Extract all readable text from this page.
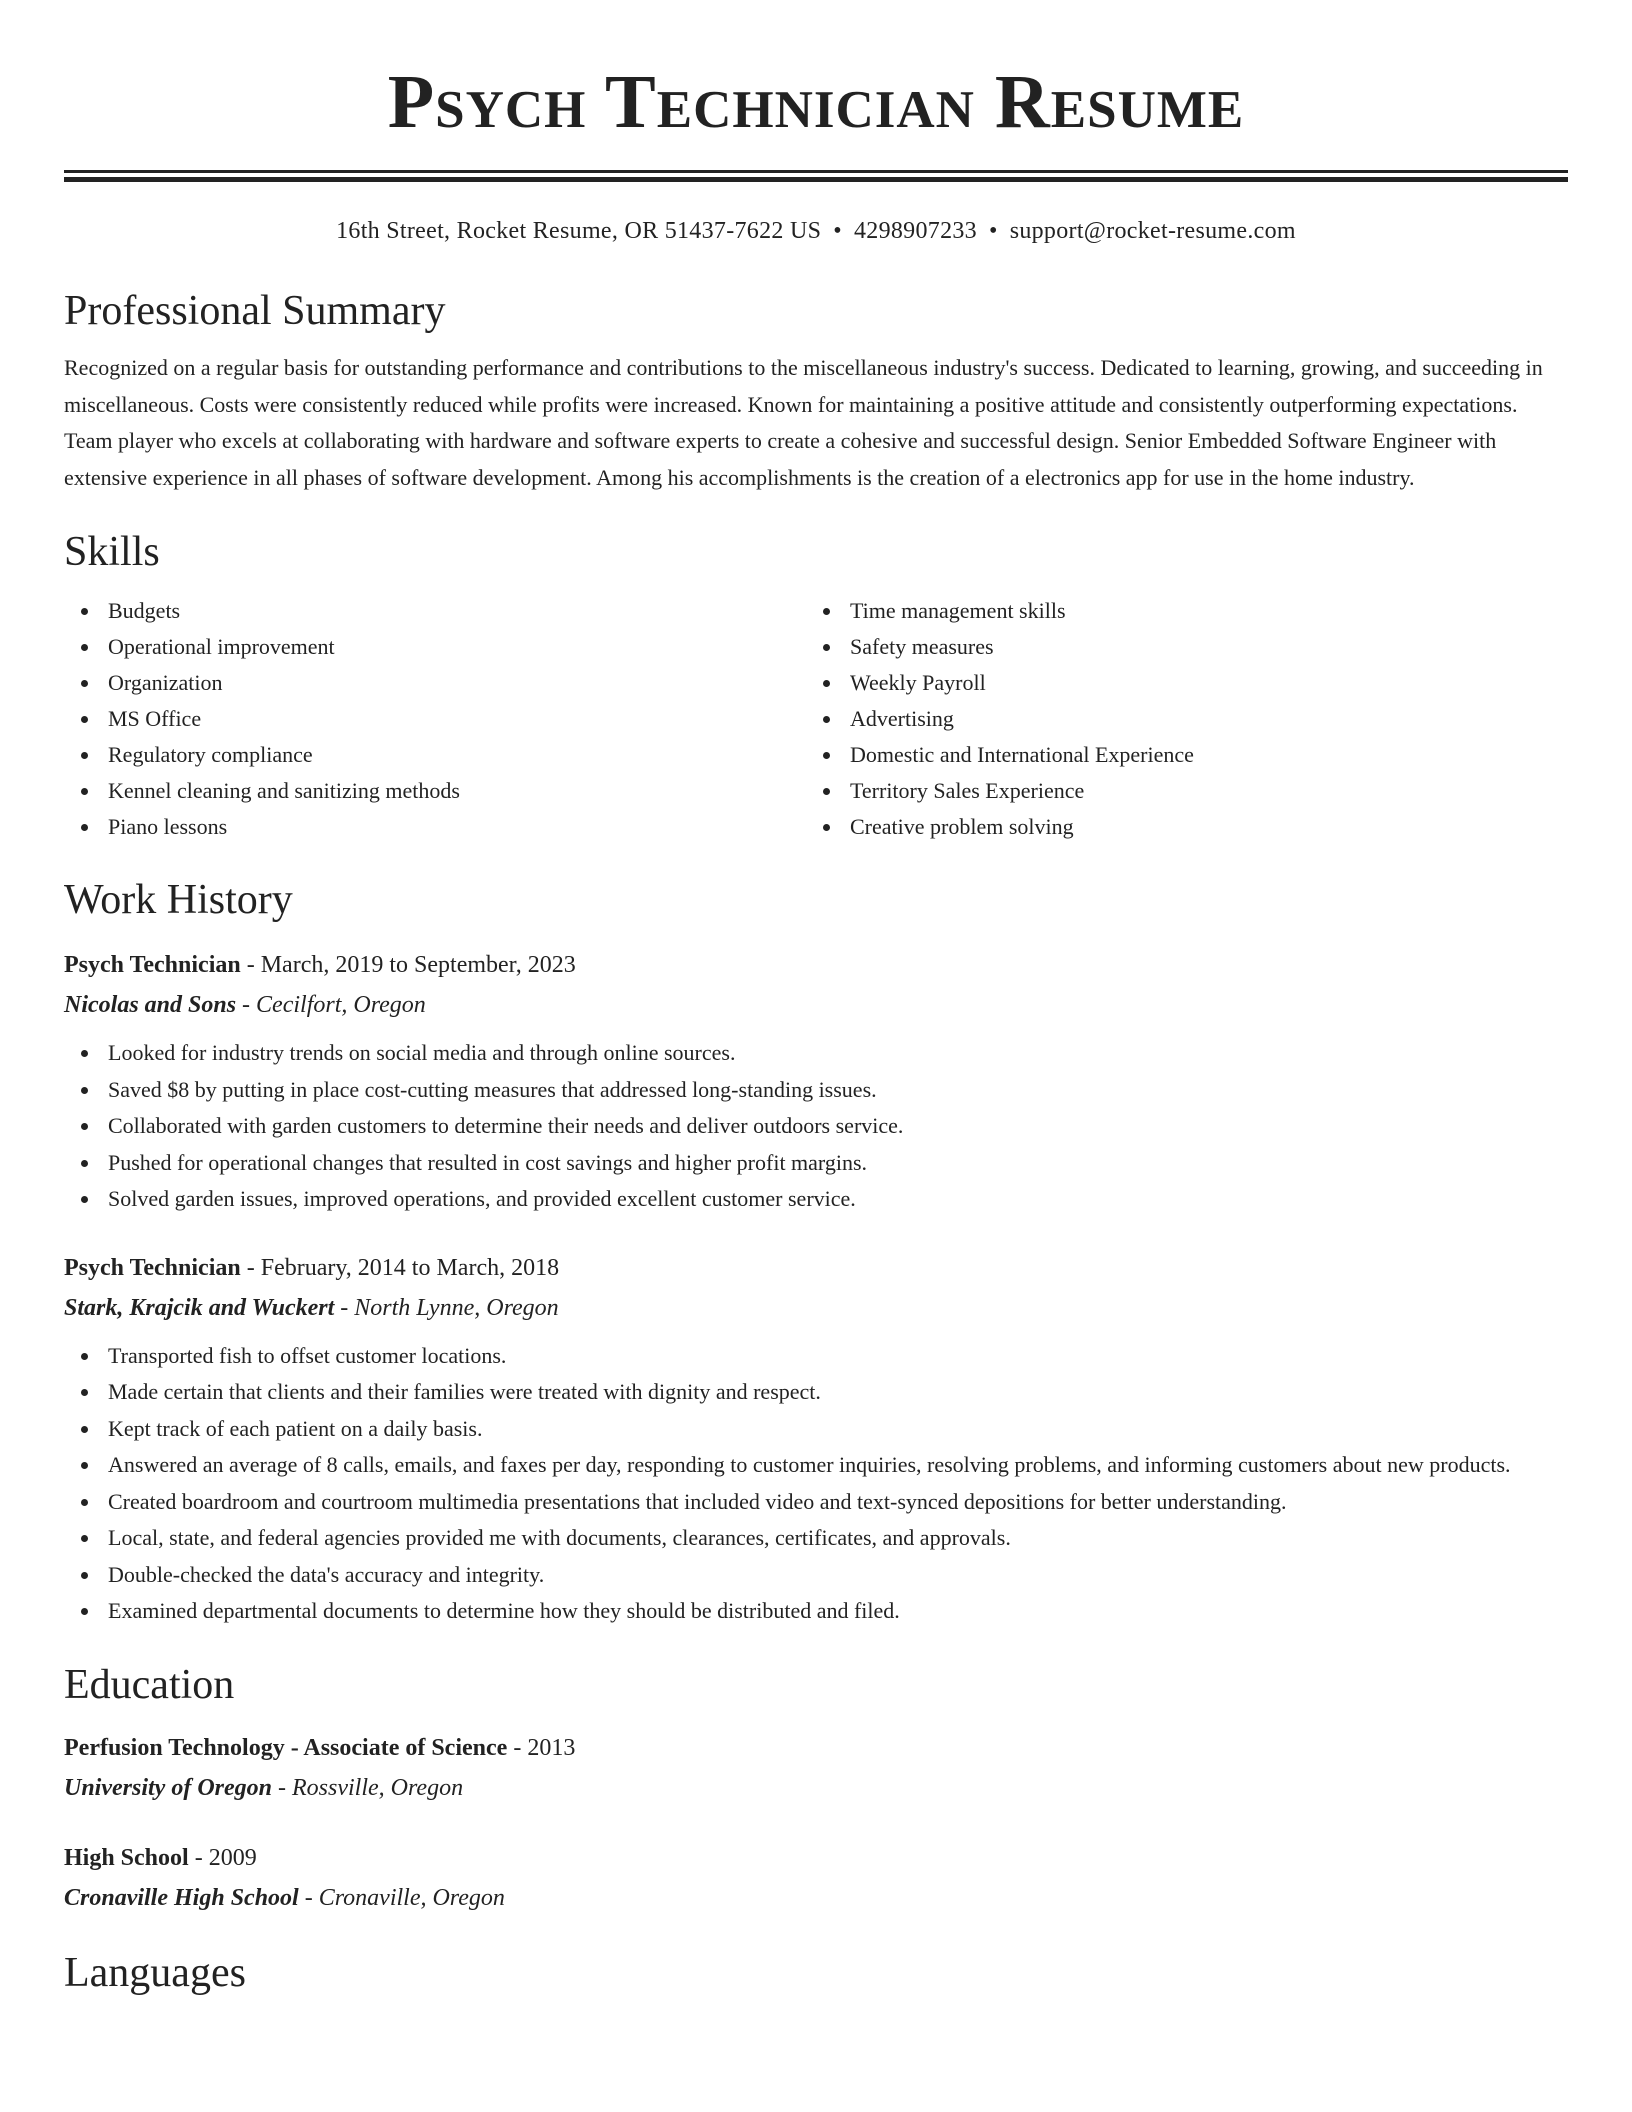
Psych Technician Resume
16th Street, Rocket Resume, OR 51437-7622 US • 4298907233 • support@rocket-resume.com
Professional Summary

Recognized on a regular basis for outstanding performance and contributions to the miscellaneous industry's success. Dedicated to learning, growing, and succeeding in miscellaneous. Costs were consistently reduced while profits were increased. Known for maintaining a positive attitude and consistently outperforming expectations. Team player who excels at collaborating with hardware and software experts to create a cohesive and successful design. Senior Embedded Software Engineer with extensive experience in all phases of software development. Among his accomplishments is the creation of a electronics app for use in the home industry.

Skills
Budgets
Operational improvement
Organization
MS Office
Regulatory compliance
Kennel cleaning and sanitizing methods
Piano lessons
Time management skills
Safety measures
Weekly Payroll
Advertising
Domestic and International Experience
Territory Sales Experience
Creative problem solving
Work History
Psych Technician - March, 2019 to September, 2023
Nicolas and Sons - Cecilfort, Oregon
Looked for industry trends on social media and through online sources.
Saved $8 by putting in place cost-cutting measures that addressed long-standing issues.
Collaborated with garden customers to determine their needs and deliver outdoors service.
Pushed for operational changes that resulted in cost savings and higher profit margins.
Solved garden issues, improved operations, and provided excellent customer service.
Psych Technician - February, 2014 to March, 2018
Stark, Krajcik and Wuckert - North Lynne, Oregon
Transported fish to offset customer locations.
Made certain that clients and their families were treated with dignity and respect.
Kept track of each patient on a daily basis.
Answered an average of 8 calls, emails, and faxes per day, responding to customer inquiries, resolving problems, and informing customers about new products.
Created boardroom and courtroom multimedia presentations that included video and text-synced depositions for better understanding.
Local, state, and federal agencies provided me with documents, clearances, certificates, and approvals.
Double-checked the data's accuracy and integrity.
Examined departmental documents to determine how they should be distributed and filed.
Education
Perfusion Technology - Associate of Science - 2013
University of Oregon - Rossville, Oregon
High School - 2009
Cronaville High School - Cronaville, Oregon
Languages
